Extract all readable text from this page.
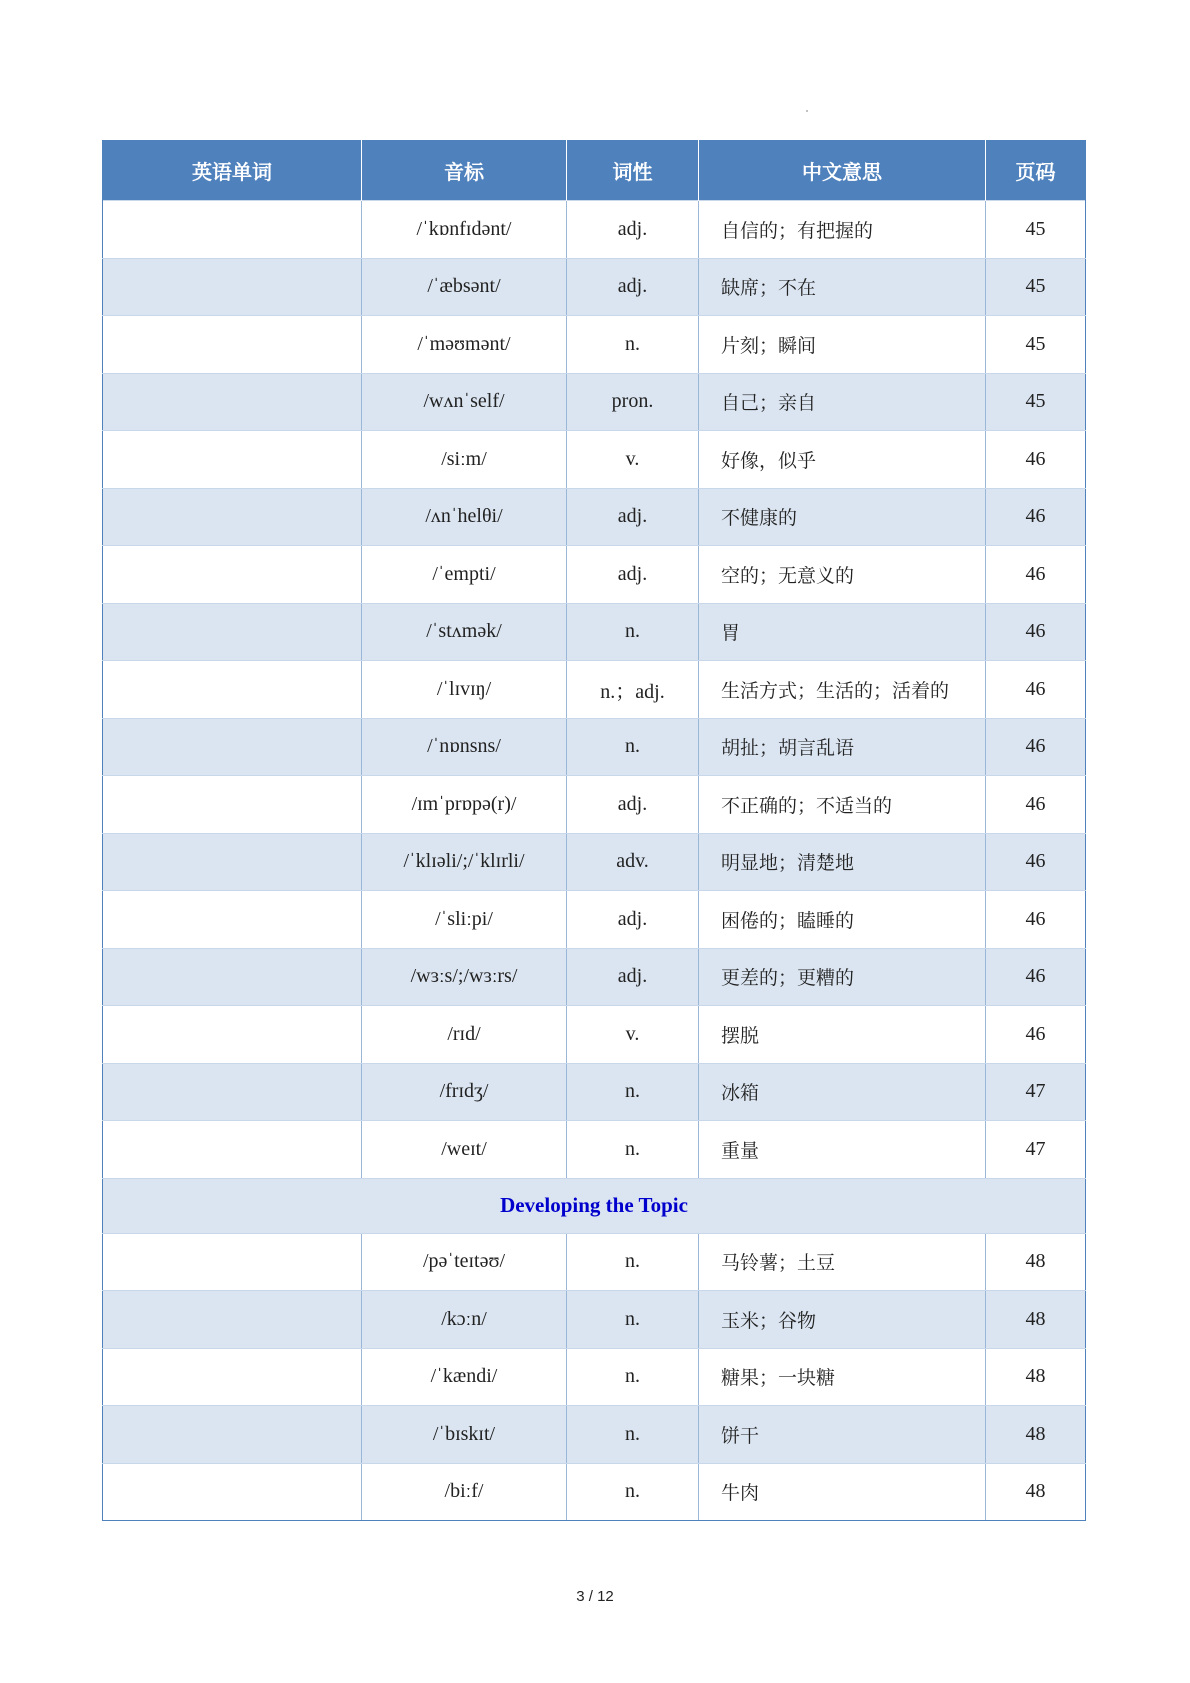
英语单词	音标	词性	中文意思	页码
	/ˈkɒnfɪdənt/	adj.	自信的；有把握的	45
	/ˈæbsənt/	adj.	缺席；不在	45
	/ˈməʊmənt/	n.	片刻；瞬间	45
	/wʌnˈself/	pron.	自己；亲自	45
	/siːm/	v.	好像，似乎	46
	/ʌnˈhelθi/	adj.	不健康的	46
	/ˈempti/	adj.	空的；无意义的	46
	/ˈstʌmək/	n.	胃	46
	/ˈlɪvɪŋ/	n.；adj.	生活方式；生活的；活着的	46
	/ˈnɒnsns/	n.	胡扯；胡言乱语	46
	/ɪmˈprɒpə(r)/	adj.	不正确的；不适当的	46
	/ˈklɪəli/;/ˈklɪrli/	adv.	明显地；清楚地	46
	/ˈsliːpi/	adj.	困倦的；瞌睡的	46
	/wɜːs/;/wɜːrs/	adj.	更差的；更糟的	46
	/rɪd/	v.	摆脱	46
	/frɪdʒ/	n.	冰箱	47
	/weɪt/	n.	重量	47
Developing the Topic				
	/pəˈteɪtəʊ/	n.	马铃薯；土豆	48
	/kɔːn/	n.	玉米；谷物	48
	/ˈkændi/	n.	糖果；一块糖	48
	/ˈbɪskɪt/	n.	饼干	48
	/biːf/	n.	牛肉	48
3 / 12
